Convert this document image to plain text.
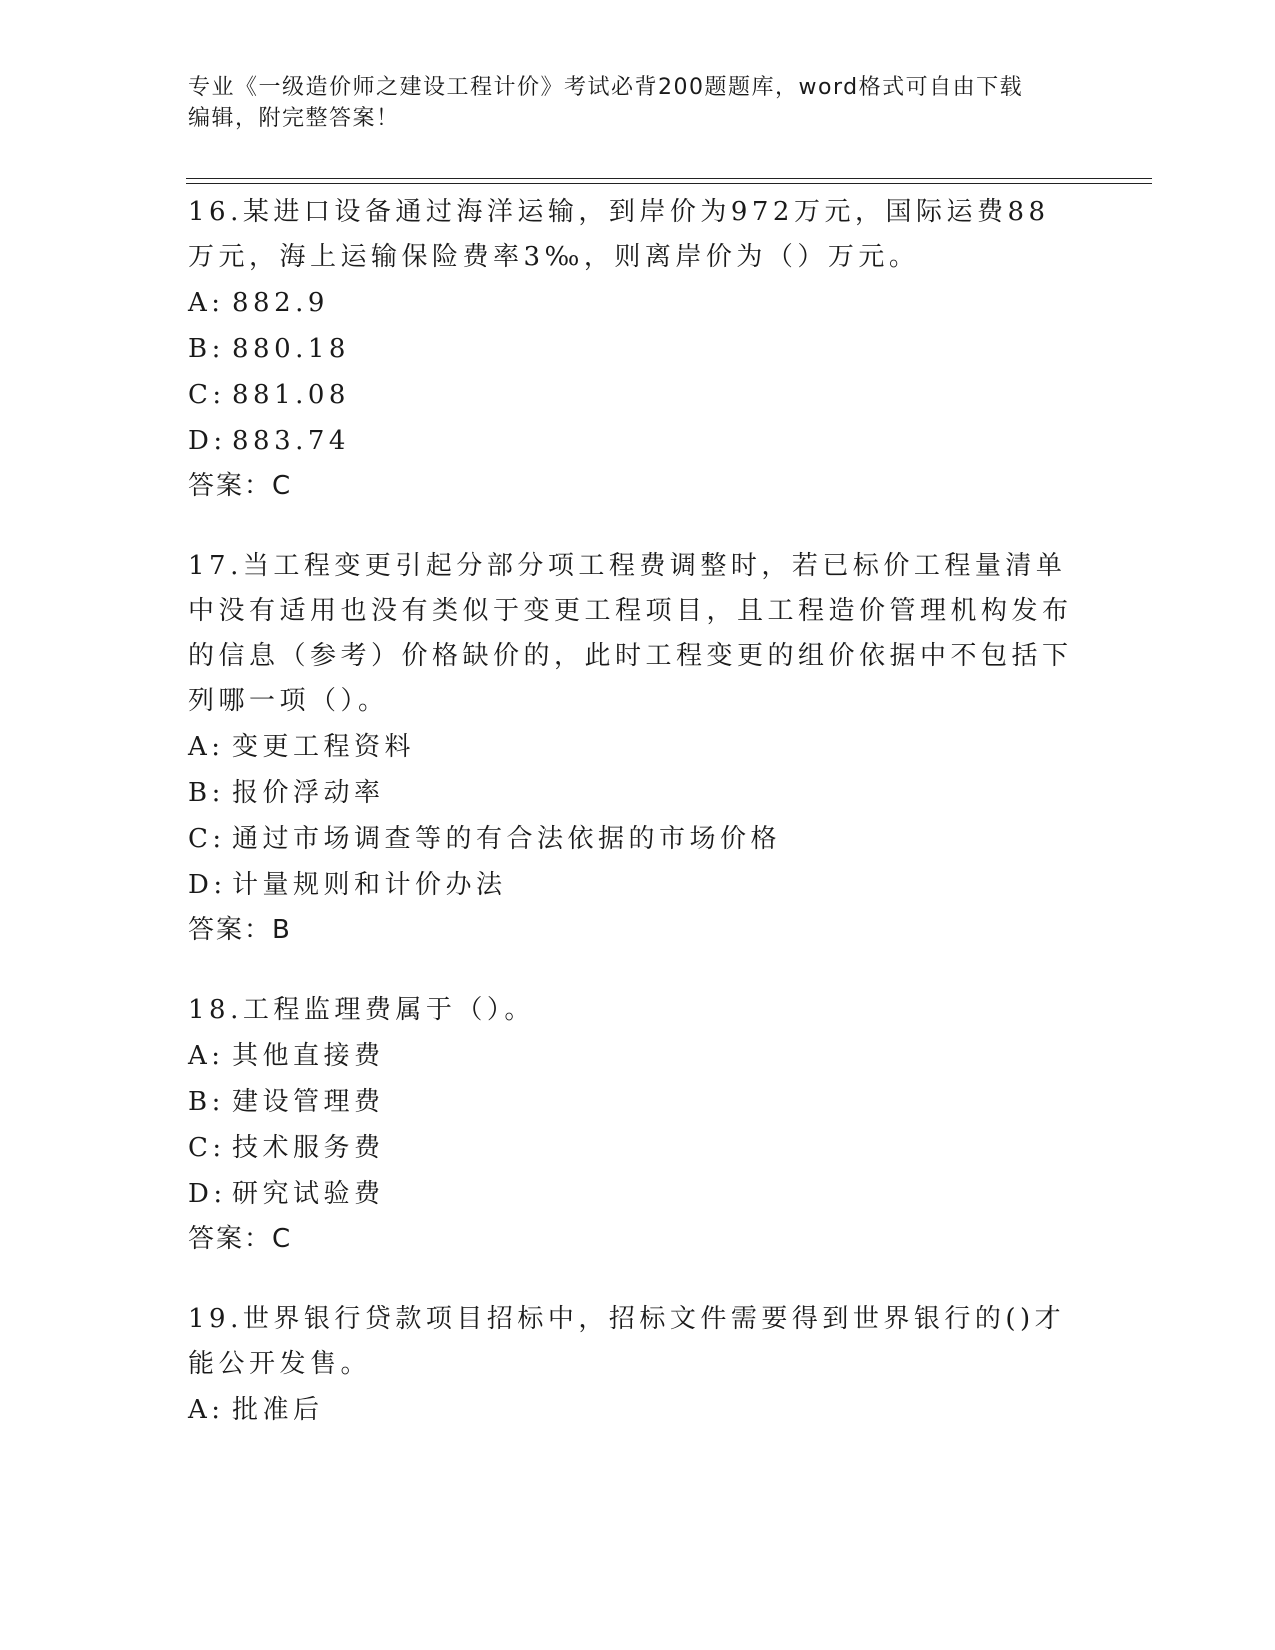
专业《一级造价师之建设工程计价》考试必背200题题库，word格式可自由下载
编辑，附完整答案！

16.某进口设备通过海洋运输，到岸价为972万元，国际运费88万元，海上运输保险费率3‰，则离岸价为（）万元。

A: 882.9

B: 880.18

C: 881.08

D: 883.74

答案：C

17.当工程变更引起分部分项工程费调整时，若已标价工程量清单中没有适用也没有类似于变更工程项目，且工程造价管理机构发布的信息（参考）价格缺价的，此时工程变更的组价依据中不包括下列哪一项（）。

A: 变更工程资料

B: 报价浮动率

C: 通过市场调查等的有合法依据的市场价格

D: 计量规则和计价办法

答案：B

18.工程监理费属于（）。

A: 其他直接费

B: 建设管理费

C: 技术服务费

D: 研究试验费

答案：C

19.世界银行贷款项目招标中，招标文件需要得到世界银行的()才能公开发售。

A: 批准后
